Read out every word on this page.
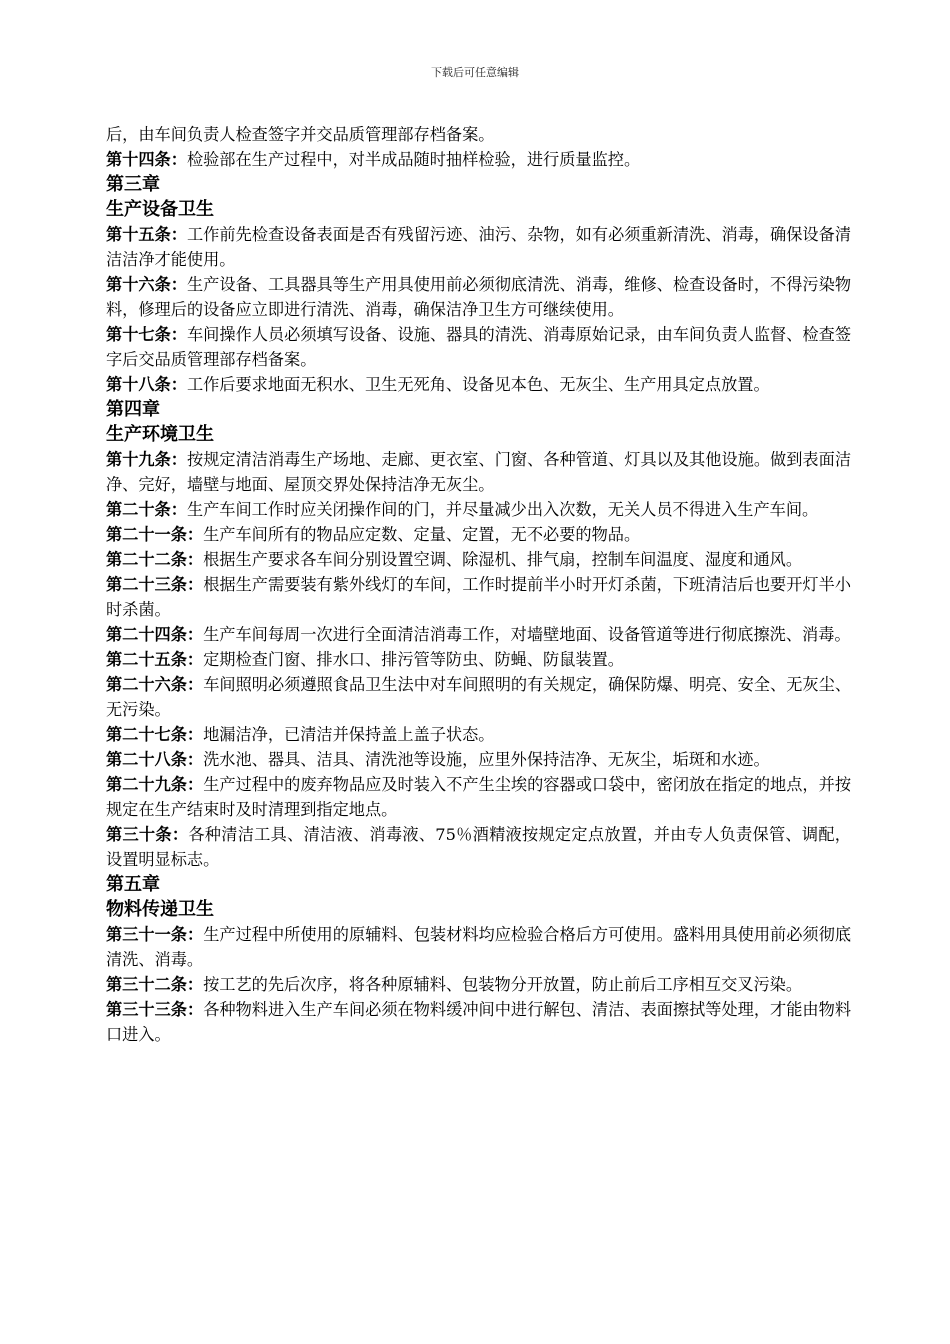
下载后可任意编辑

后，由车间负责人检查签字并交品质管理部存档备案。

第十四条：检验部在生产过程中，对半成品随时抽样检验，进行质量监控。

第三章
生产设备卫生

第十五条：工作前先检查设备表面是否有残留污迹、油污、杂物，如有必须重新清洗、消毒，确保设备清洁洁净才能使用。

第十六条：生产设备、工具器具等生产用具使用前必须彻底清洗、消毒，维修、检查设备时，不得污染物料，修理后的设备应立即进行清洗、消毒，确保洁净卫生方可继续使用。

第十七条：车间操作人员必须填写设备、设施、器具的清洗、消毒原始记录，由车间负责人监督、检查签字后交品质管理部存档备案。

第十八条：工作后要求地面无积水、卫生无死角、设备见本色、无灰尘、生产用具定点放置。

第四章
生产环境卫生

第十九条：按规定清洁消毒生产场地、走廊、更衣室、门窗、各种管道、灯具以及其他设施。做到表面洁净、完好，墙壁与地面、屋顶交界处保持洁净无灰尘。

第二十条：生产车间工作时应关闭操作间的门，并尽量减少出入次数，无关人员不得进入生产车间。

第二十一条：生产车间所有的物品应定数、定量、定置，无不必要的物品。

第二十二条：根据生产要求各车间分别设置空调、除湿机、排气扇，控制车间温度、湿度和通风。

第二十三条：根据生产需要装有紫外线灯的车间，工作时提前半小时开灯杀菌，下班清洁后也要开灯半小时杀菌。

第二十四条：生产车间每周一次进行全面清洁消毒工作，对墙壁地面、设备管道等进行彻底擦洗、消毒。

第二十五条：定期检查门窗、排水口、排污管等防虫、防蝇、防鼠装置。

第二十六条：车间照明必须遵照食品卫生法中对车间照明的有关规定，确保防爆、明亮、安全、无灰尘、无污染。

第二十七条：地漏洁净，已清洁并保持盖上盖子状态。

第二十八条：洗水池、器具、洁具、清洗池等设施，应里外保持洁净、无灰尘，垢斑和水迹。

第二十九条：生产过程中的废弃物品应及时装入不产生尘埃的容器或口袋中，密闭放在指定的地点，并按规定在生产结束时及时清理到指定地点。

第三十条：各种清洁工具、清洁液、消毒液、75％酒精液按规定定点放置，并由专人负责保管、调配，设置明显标志。

第五章
物料传递卫生

第三十一条：生产过程中所使用的原辅料、包装材料均应检验合格后方可使用。盛料用具使用前必须彻底清洗、消毒。

第三十二条：按工艺的先后次序，将各种原辅料、包装物分开放置，防止前后工序相互交叉污染。

第三十三条：各种物料进入生产车间必须在物料缓冲间中进行解包、清洁、表面擦拭等处理，才能由物料口进入。
